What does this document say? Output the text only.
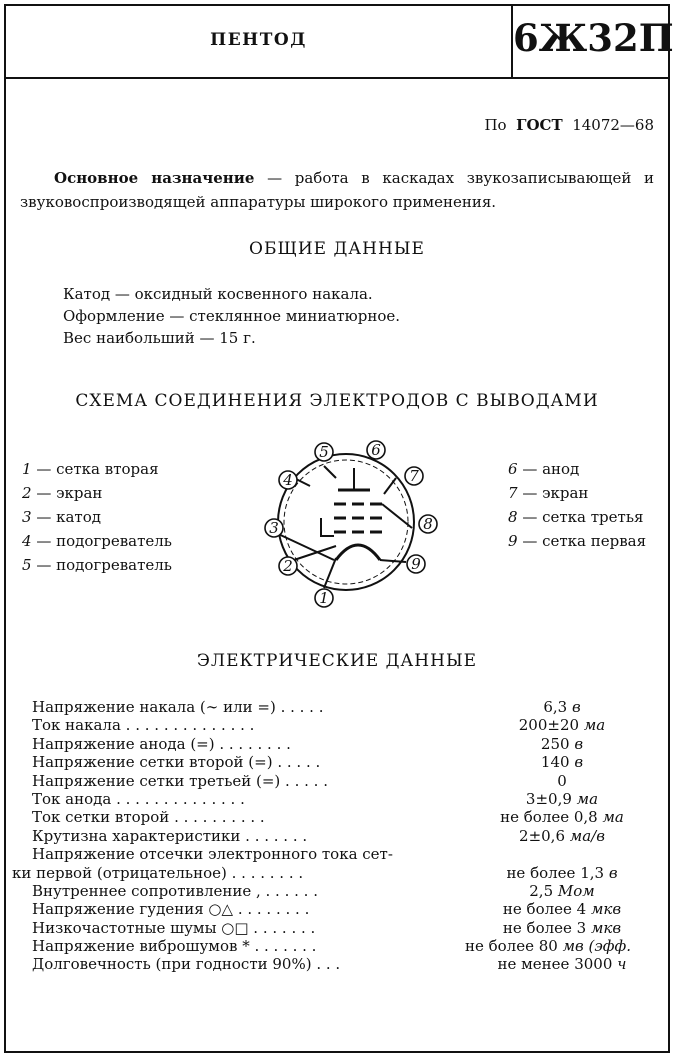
ПЕНТОД	6Ж32П
По ГОСТ 14072—68
Основное назначение — работа в каскадах звукозаписывающей и звуковоспроизводящей аппаратуры широкого применения.
ОБЩИЕ ДАННЫЕ
Катод — оксидный косвенного накала.
Оформление — стеклянное миниатюрное.
Вес наибольший — 15 г.
СХЕМА СОЕДИНЕНИЯ ЭЛЕКТРОДОВ С ВЫВОДАМИ
1 — сетка вторая
2 — экран
3 — катод
4 — подогреватель
5 — подогреватель
6 — анод
7 — экран
8 — сетка третья
9 — сетка первая
1
2
3
4
5	6
7
8
9
ЭЛЕКТРИЧЕСКИЕ ДАННЫЕ
Напряжение накала (∼ или =) . . . . .	6,3 в
Ток накала . . . . . . . . . . . . . .	200±20 ма
Напряжение анода (=) . . . . . . . .	250 в
Напряжение сетки второй (=) . . . . .	140 в
Напряжение сетки третьей (=) . . . . .	0
Ток анода . . . . . . . . . . . . . .	3±0,9 ма
Ток сетки второй . . . . . . . . . .	не более 0,8 ма
Крутизна характеристики . . . . . . .	2±0,6 ма/в
Напряжение отсечки электронного тока сет-
ки первой (отрицательное) . . . . . . . .	не более 1,3 в
Внутреннее сопротивление , . . . . . .	2,5 Мом
Напряжение гудения ○△ . . . . . . . .	не более 4 мкв
Низкочастотные шумы ○□ . . . . . . .	не более 3 мкв
Напряжение виброшумов * . . . . . . .	не более 80 мв (эфф.
Долговечность (при годности 90%) . . .	не менее 3000 ч
